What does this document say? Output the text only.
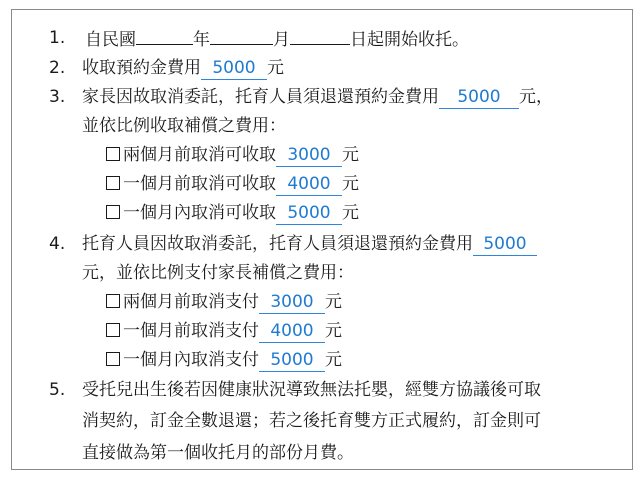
1. 自民國	年	月	日起開始收托。
2. 收取預約金費用 5000 元
3. 家長因故取消委託，托育人員須退還預約金費用 5000 元，
並依比例收取補償之費用：
兩個月前取消可收取 3000 元
一個月前取消可收取 4000 元
一個月內取消可收取 5000 元
4. 托育人員因故取消委託，托育人員須退還預約金費用 5000
元，並依比例支付家長補償之費用：
兩個月前取消支付 3000 元
一個月前取消支付 4000 元
一個月內取消支付 5000 元
5. 受托兒出生後若因健康狀況導致無法托嬰，經雙方協議後可取
消契約，訂金全數退還；若之後托育雙方正式履約，訂金則可
直接做為第一個收托月的部份月費。
